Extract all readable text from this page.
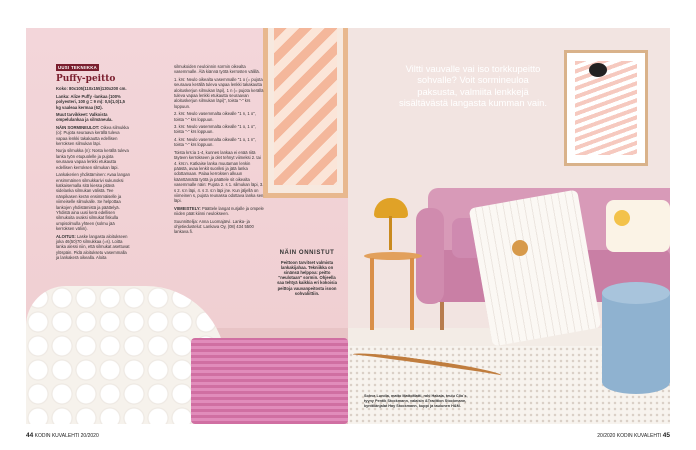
UUSI TEKNIIKKA
Puffy-peitto
Koko: 80x105(110x155)130x200 cm.
Lanka: Alize Puffy -lankaa (100% polyesteri, 100 g = 9 m): 0,5(1,0)1,5 kg vaaleaa kermaa (62).
Muut tarvikkeet: Valkoista ompelulankaa ja silmäneula.
NÄIN SORMINEULOT: Oikea silmukka (o): Pujota seuraava kerällä tuleva vapaa lenkki takakautta edellisen kerroksen silmukan läpi.
Nurja silmukka (n): Nosta kerällä tuleva lanka työn etupuolelle ja pujota seuraava vapaa lenkki etukautta edellisen kerroksen silmukan läpi.
Lankakerien yhdistäminen: Avaa langan ensimmäinen silmukkarivi sukunoksi katkaisemalla sitä kiessa pitävä sidelanka silmukan välistä. Tee nänpikasen kerän ensimmäiselle ja viimeiselle silmukalle. Se helpottaa lankojen yhdistämistä ja päättelyä. Yhdistä aina uusi kerä edellisen silmukoita ovaksi silmukat fiskulla umpisolmulla yhteen (solmu jää kerroksen väliin).
ALOITUS: Laske langasta aloitukseen joka 46(50)70 silmukkaa (=s). Loitta lanka alessi niin, että silmukat asettuvat ylöspäin. Pidä aloituksetu vasemmalla ja lankakerä oikealla. Aloita
silmukoiden neuloinnin sormin oikealta vasemmalle. Älä kiännä työtä kerrosten välillä.
1. krs: Neulo oikealta vasemmalle "1 o (= pujota seuraava kerällä tuleva vapaa lenkki takakautta aloituskerjun silmukan läpi), 1 n (= pujota kerällä tuleva vapaa lenkki etukautta seuraavan aloituskerjun silmukan läpi)", toista "-" krs loppuun.
2. krs: Neulo vasemmalta oikealle "1 n, 1 o", toista "-" krs loppuun.
3. krs: Neulo vasemmalta oikealle "1 o, 1 o", toista "-" krs loppuun.
4. krs: Neulo vasemmalta oikealle "1 o, 1 n", toista "-" krs loppuun.
Toista krs:ia 1-4, kunnes lankaa ei enää riitä täyteen kerrokseen ja olet tehnyt viimeksi 2. tai 4. krs:n. Katkaise lanka muutaman lenkin päästä, avaa lenkit suoriksi ja jätä lanka odottamaan. Palaa kerroksen alkuun käänttämättä työtä ja päättele sit oikealta vasemmalle näin: Pujota 2. s 1. silmukan läpi, 3. s 2. s:n läpi, 4. s 3. s:n läpi jne. Kun jäljellä on viimeinen s, pujota reunassa odottava lanka sen läpi.
VIIMEISTELY: Päättele langat nurjalle ja ompele niiden päät kiinni neulokseen.
Suunnittelija: Anna Luomajärvi. Lanka- ja ohjetiedustelut: Lankava Oy, (08) 434 5500 lankava.fi.
NÄIN ONNISTUT
Peittoon tarvitset valmista lankakijahaa. Tekniikka on sinänsä helppoa: peitto "neulotaan" sormin. Ohjeella saa tehtyä kaikkia eri kokoisia peittoja vauvanpeitosta isoon sohvaliittiin.
Viltti vauvalle vai iso torkkupeitto sohvalle? Voit sormineuloa paksusta, valmiita lenkkejä sisältävästä langasta kumman vain.
Sohva Lundia, matto MattoMatti, rahi Hakala, teulu Clio´s, tyyny Pentik Stockmann, valaisin &Tradition Stockmann, kynttilänjalat Hay Stockmann, kuppi ja taulunen H&M.
44 KODIN KUVALEHTI 20/2020	20/2020 KODIN KUVALEHTI 45
